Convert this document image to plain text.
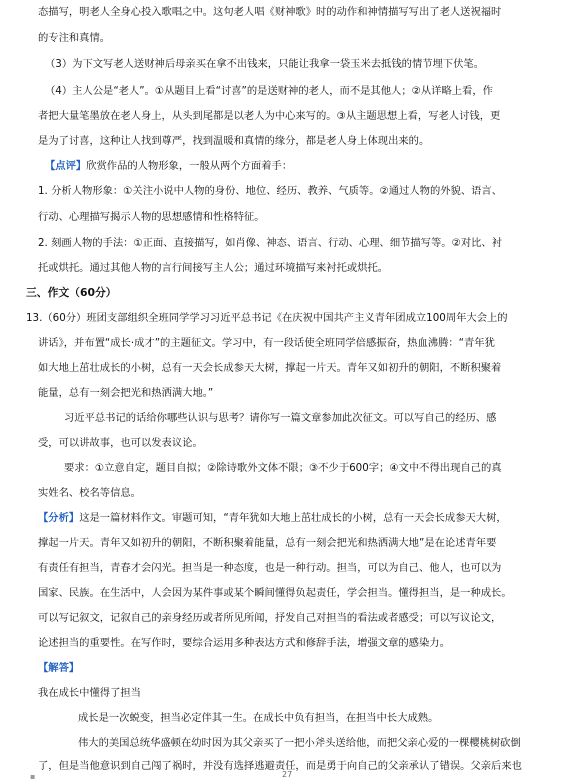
态描写，明老人全身心投入歌唱之中。这句老人唱《财神歌》时的动作和神情描写写出了老人送祝福时
的专注和真情。
（3）为下文写老人送财神后母亲买在拿不出钱来，只能让我拿一袋玉米去抵钱的情节埋下伏笔。
（4）主人公是“老人”。①从题目上看“讨喜”的是送财神的老人，而不是其他人；②从详略上看，作
者把大量笔墨放在老人身上，从头到尾都是以老人为中心来写的。③从主题思想上看，写老人讨钱，更
是为了讨喜，这种让人找到尊严，找到温暖和真情的缘分，都是老人身上体现出来的。
【点评】欣赏作品的人物形象，一般从两个方面着手：
1. 分析人物形象：①关注小说中人物的身份、地位、经历、教养、气质等。②通过人物的外貌、语言、
行动、心理描写揭示人物的思想感情和性格特征。
2. 刻画人物的手法：①正面、直接描写，如肖像、神态、语言、行动、心理、细节描写等。②对比、衬
托或烘托。通过其他人物的言行间接写主人公；通过环境描写来衬托或烘托。
三、作文（60分）
13.（60分）班团支部组织全班同学学习习近平总书记《在庆祝中国共产主义青年团成立100周年大会上的
讲话》，并布置“成长·成才”的主题征文。学习中，有一段话使全班同学倍感振奋，热血沸腾：“青年犹
如大地上茁壮成长的小树，总有一天会长成参天大树，撑起一片天。青年又如初升的朝阳，不断积聚着
能量，总有一刻会把光和热洒满大地。”
习近平总书记的话给你哪些认识与思考？请你写一篇文章参加此次征文。可以写自己的经历、感
受，可以讲故事，也可以发表议论。
要求：①立意自定，题目自拟；②除诗歌外文体不限；③不少于600字；④文中不得出现自己的真
实姓名、校名等信息。
【分析】这是一篇材料作文。审题可知，“青年犹如大地上茁壮成长的小树，总有一天会长成参天大树，
撑起一片天。青年又如初升的朝阳，不断积聚着能量，总有一刻会把光和热洒满大地”是在论述青年要
有责任有担当，青春才会闪光。担当是一种态度，也是一种行动。担当，可以为自己、他人，也可以为
国家、民族。在生活中，人会因为某件事或某个瞬间懂得负起责任，学会担当。懂得担当，是一种成长。
可以写记叙文，记叙自己的亲身经历或者所见所闻，抒发自己对担当的看法或者感受；可以写议论文，
论述担当的重要性。在写作时，要综合运用多种表达方式和修辞手法，增强文章的感染力。
【解答】
我在成长中懂得了担当
成长是一次蜕变，担当必定伴其一生。在成长中负有担当，在担当中长大成熟。
伟大的美国总统华盛顿在幼时因为其父亲买了一把小斧头送给他，而把父亲心爱的一棵樱桃树砍倒
了，但是当他意识到自己闯了祸时，并没有选择逃避责任，而是勇于向自己的父亲承认了错误。父亲后来也
▪	27
